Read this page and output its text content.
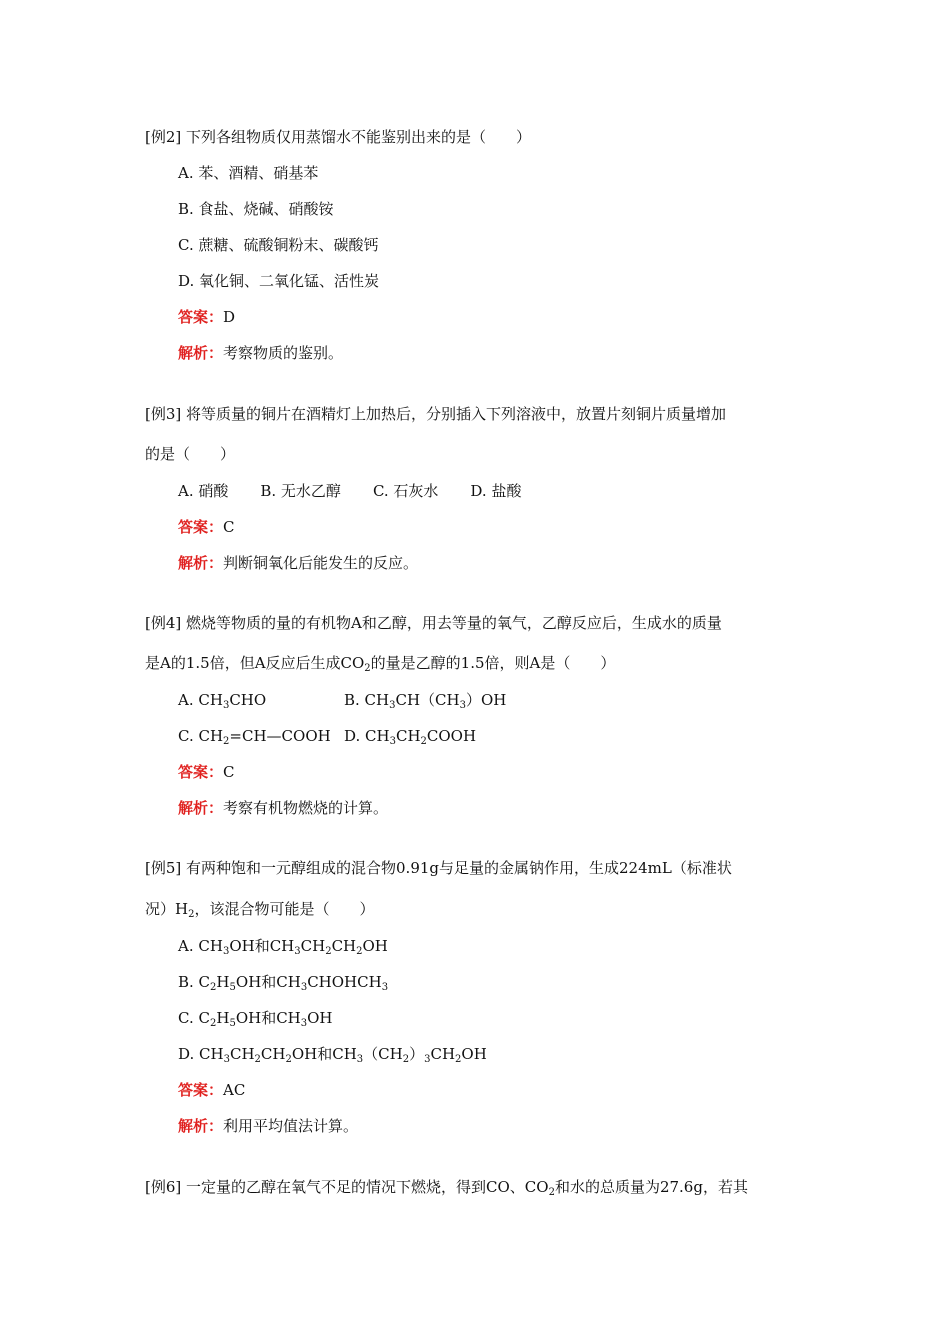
[例2] 下列各组物质仅用蒸馏水不能鉴别出来的是（　　）
A. 苯、酒精、硝基苯
B. 食盐、烧碱、硝酸铵
C. 蔗糖、硫酸铜粉末、碳酸钙
D. 氧化铜、二氧化锰、活性炭
答案：D
解析：考察物质的鉴别。
[例3] 将等质量的铜片在酒精灯上加热后，分别插入下列溶液中，放置片刻铜片质量增加
的是（　　）
A. 硝酸 B. 无水乙醇 C. 石灰水 D. 盐酸
答案：C
解析：判断铜氧化后能发生的反应。
[例4] 燃烧等物质的量的有机物A和乙醇，用去等量的氧气，乙醇反应后，生成水的质量
是A的1.5倍，但A反应后生成$CO_2$的量是乙醇的1.5倍，则A是（　　）
A. $CH_3CHO$	B. $CH_3CH(CH_3)OH$
C. $CH_2=CH—COOH$ D. $CH_3CH_2COOH$
答案：C
解析：考察有机物燃烧的计算。
[例5] 有两种饱和一元醇组成的混合物0.91g与足量的金属钠作用，生成224mL（标准状
况）$H_2$，该混合物可能是（　　）
A. $CH_3OH$和$CH_3CH_2CH_2OH$
B. $C_2H_5OH$和$CH_3CHOHCH_3$
C. $C_2H_5OH$和$CH_3OH$
D. $CH_3CH_2CH_2OH$和$CH_3(CH_2)_3CH_2OH$
答案：AC
解析：利用平均值法计算。
[例6] 一定量的乙醇在氧气不足的情况下燃烧，得到CO、$CO_2$和水的总质量为27.6g，若其
